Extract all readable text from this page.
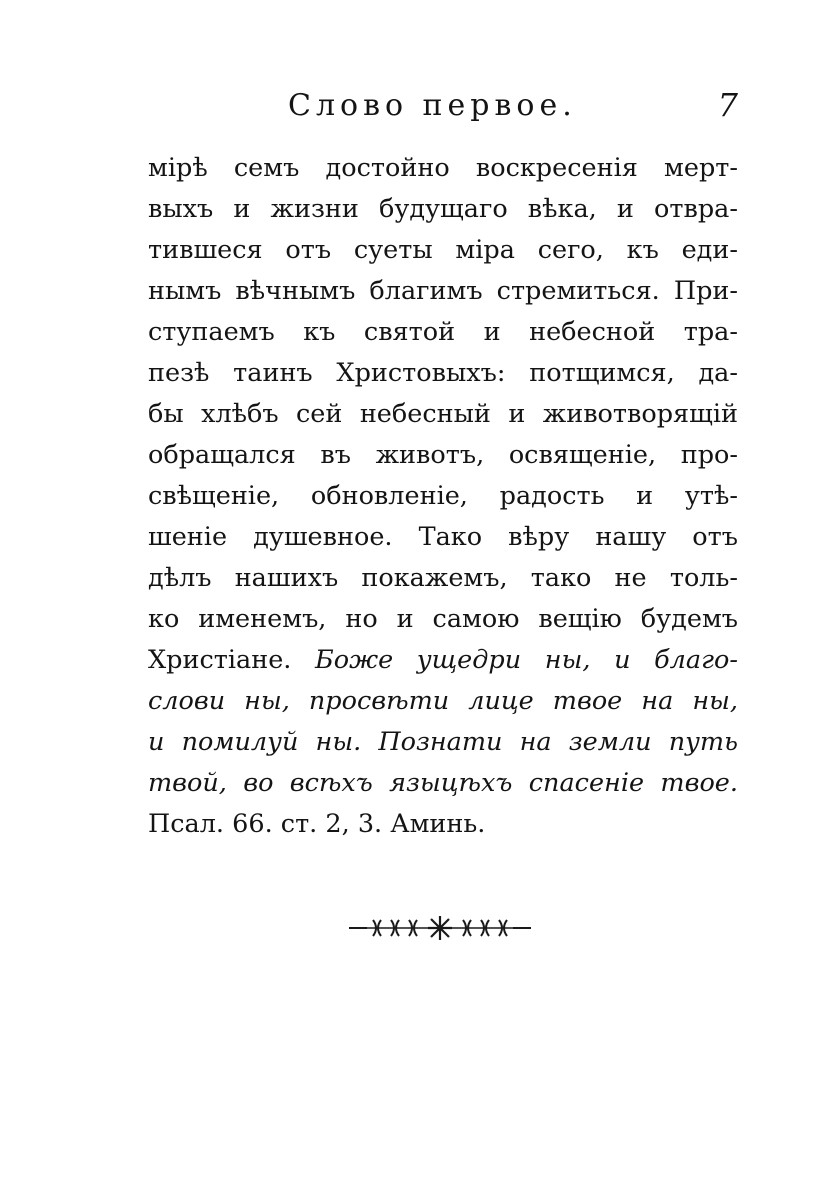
Слово первое.	7
мірѣ семъ достойно воскресенія мерт-
выхъ и жизни будущаго вѣка, и отвра-
тившеся отъ суеты міра сего, къ еди-
нымъ вѣчнымъ благимъ стремиться. При-
ступаемъ къ святой и небесной тра-
пезѣ таинъ Христовыхъ: потщимся, да-
бы хлѣбъ сей небесный и животворящій
обращался въ животъ, освященіе, про-
свѣщеніе, обновленіе, радость и утѣ-
шеніе душевное. Тако вѣру нашу отъ
дѣлъ нашихъ покажемъ, тако не толь-
ко именемъ, но и самою вещію будемъ
Христіане. Боже ущедри ны, и благо-
слови ны, просвѣти лице твое на ны,
и помилуй ны. Познати на земли путь
твой, во всѣхъ языцѣхъ спасеніе твое.
Псал. 66. ст. 2, 3. Аминь.
